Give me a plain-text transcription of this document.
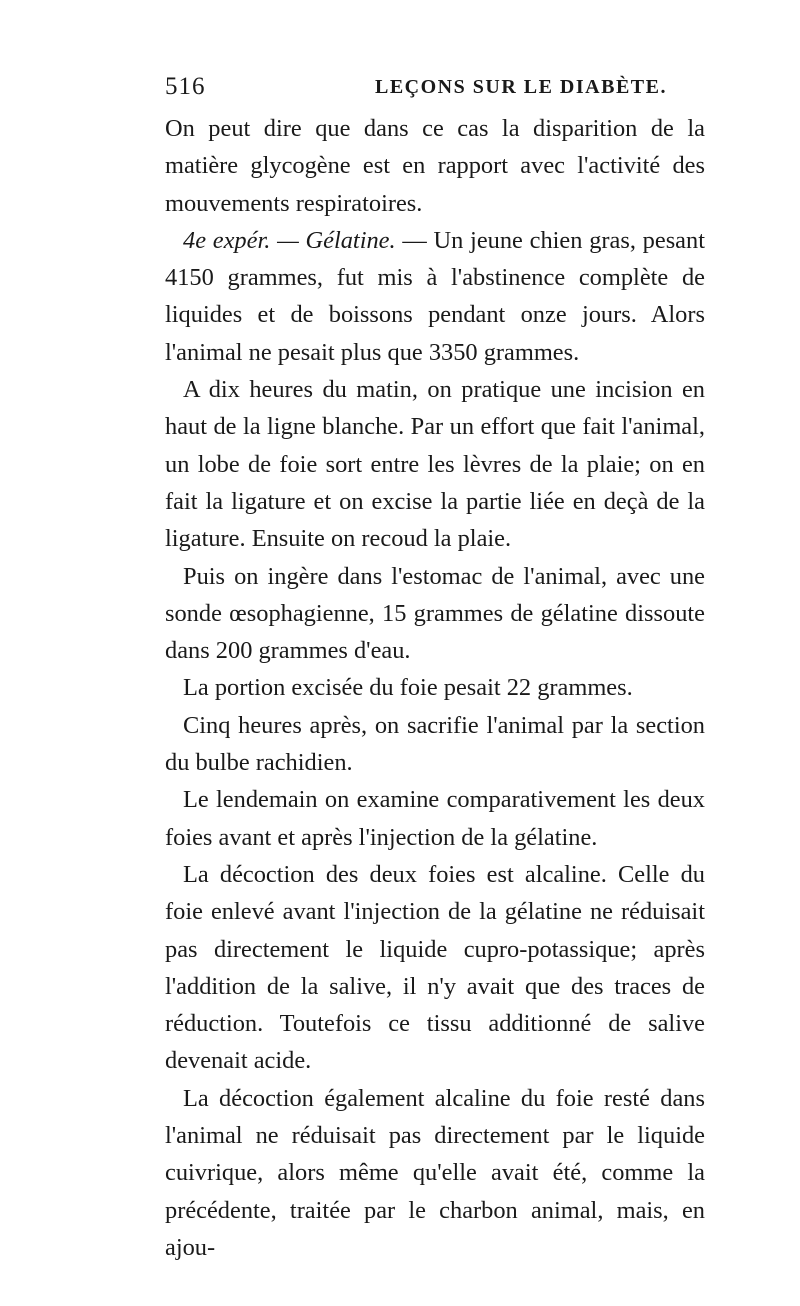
516	LEÇONS SUR LE DIABÈTE.

On peut dire que dans ce cas la disparition de la matière glycogène est en rapport avec l'activité des mouvements respiratoires.

4e expér. — Gélatine. — Un jeune chien gras, pesant 4150 grammes, fut mis à l'abstinence complète de liquides et de boissons pendant onze jours. Alors l'animal ne pesait plus que 3350 grammes.

A dix heures du matin, on pratique une incision en haut de la ligne blanche. Par un effort que fait l'animal, un lobe de foie sort entre les lèvres de la plaie; on en fait la ligature et on excise la partie liée en deçà de la ligature. Ensuite on recoud la plaie.

Puis on ingère dans l'estomac de l'animal, avec une sonde œsophagienne, 15 grammes de gélatine dissoute dans 200 grammes d'eau.

La portion excisée du foie pesait 22 grammes.

Cinq heures après, on sacrifie l'animal par la section du bulbe rachidien.

Le lendemain on examine comparativement les deux foies avant et après l'injection de la gélatine.

La décoction des deux foies est alcaline. Celle du foie enlevé avant l'injection de la gélatine ne réduisait pas directement le liquide cupro-potassique; après l'addition de la salive, il n'y avait que des traces de réduction. Toutefois ce tissu additionné de salive devenait acide.

La décoction également alcaline du foie resté dans l'animal ne réduisait pas directement par le liquide cuivrique, alors même qu'elle avait été, comme la précédente, traitée par le charbon animal, mais, en ajou-
